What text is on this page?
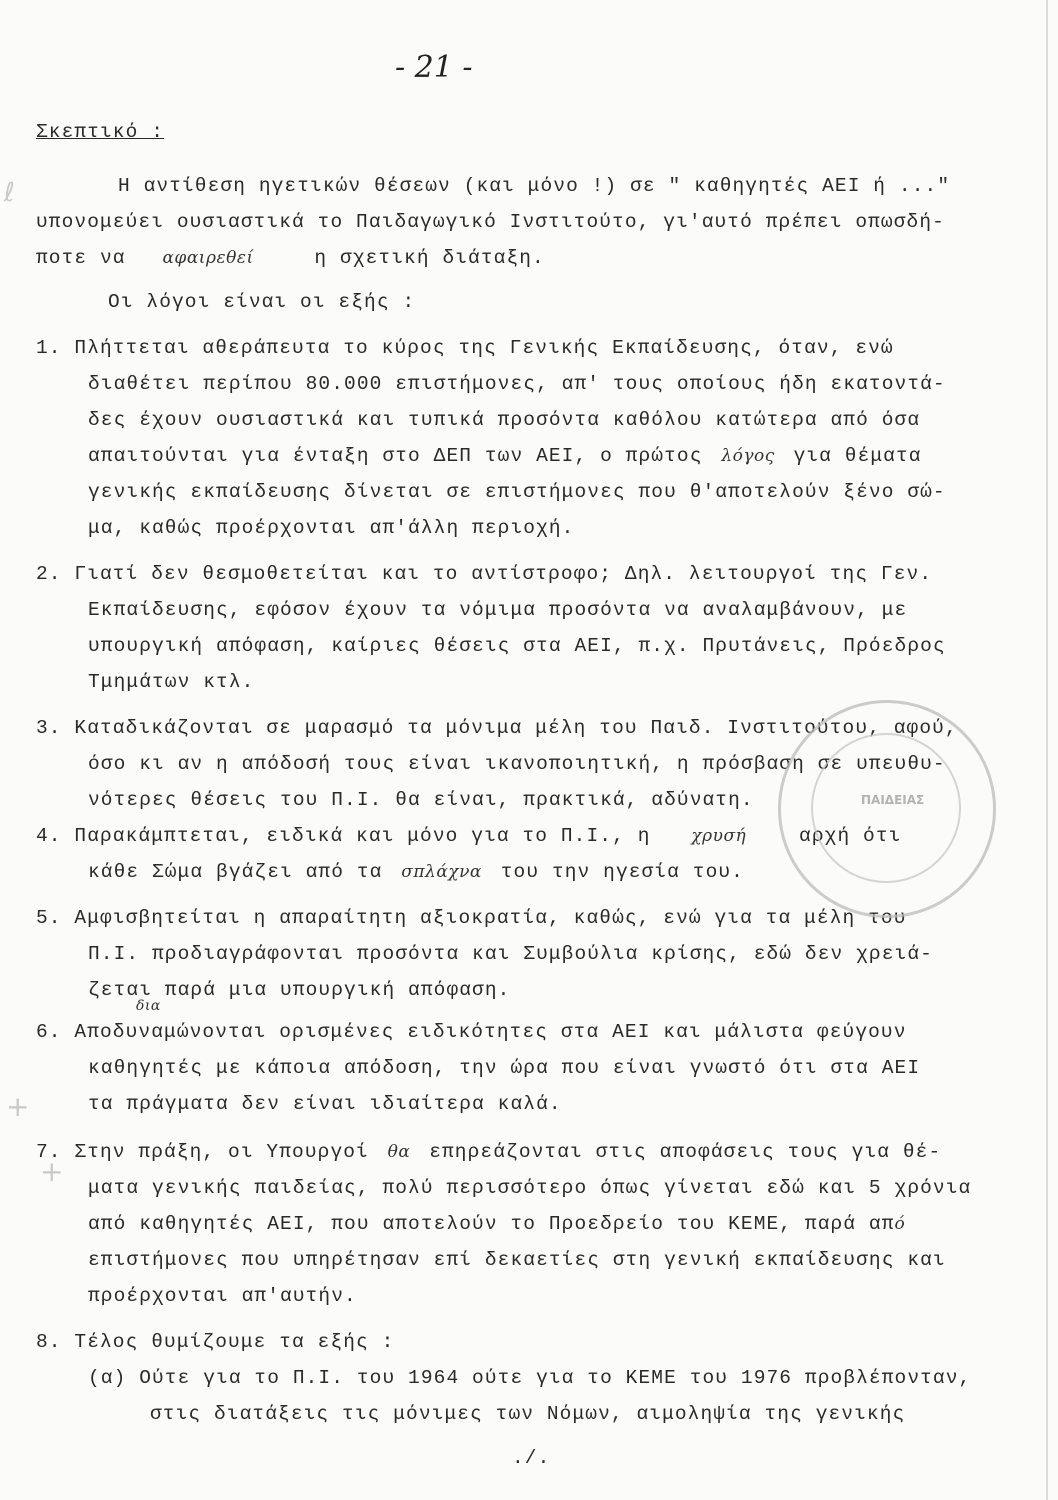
ℓ
+
+
- 21 -
Σκεπτικό :
Η αντίθεση ηγετικών θέσεων (και μόνο !) σε " καθηγητές ΑΕΙ ή ..."
υπονομεύει ουσιαστικά το Παιδαγωγικό Ινστιτούτο, γι'αυτό πρέπει οπωσδή-
ποτε να αφαιρεθεί	η σχετική διάταξη.
Οι λόγοι είναι οι εξής :
1. Πλήττεται αθεράπευτα το κύρος της Γενικής Εκπαίδευσης, όταν, ενώ
διαθέτει περίπου 80.000 επιστήμονες, απ' τους οποίους ήδη εκατοντά-
δες έχουν ουσιαστικά και τυπικά προσόντα καθόλου κατώτερα από όσα
απαιτούνται για ένταξη στο ΔΕΠ των ΑΕΙ, ο πρώτος λόγος για θέματα
γενικής εκπαίδευσης δίνεται σε επιστήμονες που θ'αποτελούν ξένο σώ-
μα, καθώς προέρχονται απ'άλλη περιοχή.
2. Γιατί δεν θεσμοθετείται και το αντίστροφο; Δηλ. λειτουργοί της Γεν.
Εκπαίδευσης, εφόσον έχουν τα νόμιμα προσόντα να αναλαμβάνουν, με
υπουργική απόφαση, καίριες θέσεις στα ΑΕΙ, π.χ. Πρυτάνεις, Πρόεδρος
Τμημάτων κτλ.
3. Καταδικάζονται σε μαρασμό τα μόνιμα μέλη του Παιδ. Ινστιτούτου, αφού,
όσο κι αν η απόδοσή τους είναι ικανοποιητική, η πρόσβαση σε υπευθυ-
νότερες θέσεις του Π.Ι. θα είναι, πρακτικά, αδύνατη.
4. Παρακάμπτεται, ειδικά και μόνο για το Π.Ι., η χρυσή	αρχή ότι
κάθε Σώμα βγάζει από τα σπλάχνα του την ηγεσία του.
5. Αμφισβητείται η απαραίτητη αξιοκρατία, καθώς, ενώ για τα μέλη του
Π.Ι. προδιαγράφονται προσόντα και Συμβούλια κρίσης, εδώ δεν χρειά-
ζεται παρά μια υπουργική απόφαση.
δια
6. Αποδυναμώνονται ορισμένες ειδικότητες στα ΑΕΙ και μάλιστα φεύγουν
καθηγητές με κάποια απόδοση, την ώρα που είναι γνωστό ότι στα ΑΕΙ
τα πράγματα δεν είναι ιδιαίτερα καλά.
7. Στην πράξη, οι Υπουργοί θα επηρεάζονται στις αποφάσεις τους για θέ-
ματα γενικής παιδείας, πολύ περισσότερο όπως γίνεται εδώ και 5 χρόνια
από καθηγητές ΑΕΙ, που αποτελούν το Προεδρείο του ΚΕΜΕ, παρά από
επιστήμονες που υπηρέτησαν επί δεκαετίες στη γενική εκπαίδευσης και
προέρχονται απ'αυτήν.
8. Τέλος θυμίζουμε τα εξής :
(α) Ούτε για το Π.Ι. του 1964 ούτε για το ΚΕΜΕ του 1976 προβλέπονταν,
στις διατάξεις τις μόνιμες των Νόμων, αιμοληψία της γενικής
./.
ΠΑΙΔΕΙΑΣ
